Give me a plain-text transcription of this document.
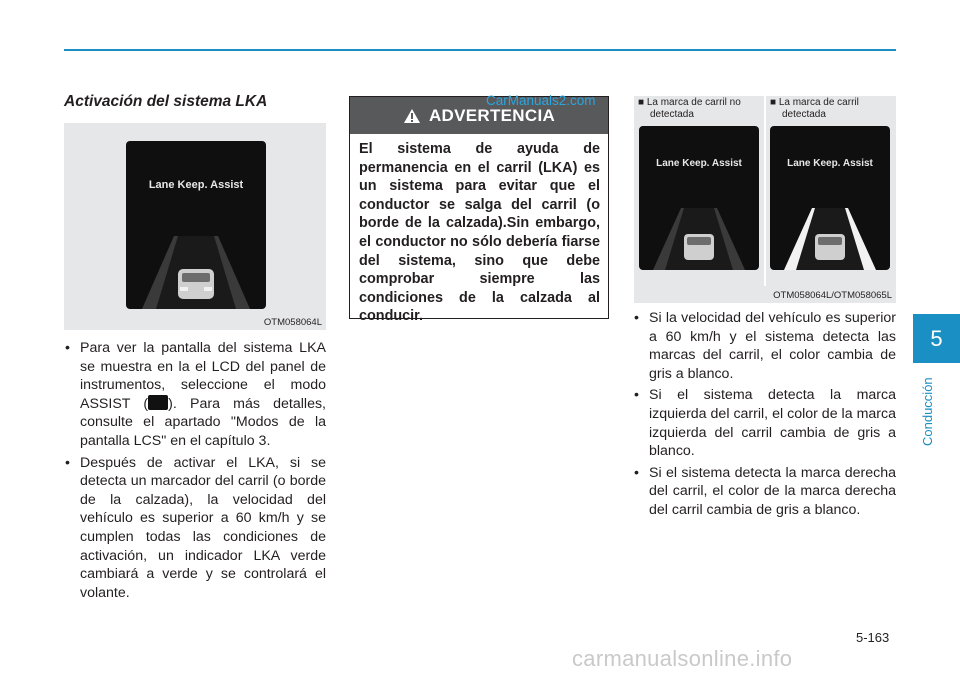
Activación del sistema LKA
Lane Keep. Assist
OTM058064L
• Para ver la pantalla del sistema LKA se muestra en la el LCD del panel de instrumentos, seleccione el modo ASSIST ( ). Para más detalles, consulte el apartado "Modos de la pantalla LCS" en el capítulo 3.
• Después de activar el LKA, si se detecta un marcador del carril (o borde de la calzada), la velocidad del vehículo es superior a 60 km/h y se cumplen todas las condiciones de activación, un indicador LKA verde cambiará a verde y se controlará el volante.
ADVERTENCIA
El sistema de ayuda de permanencia en el carril (LKA) es un sistema para evitar que el conductor se salga del carril (o borde de la calzada).Sin embargo, el conductor no sólo debería fiarse del sistema, sino que debe comprobar siempre las condiciones de la calzada al conducir.
CarManuals2.com	■ La marca de carril no
detectada
■ La marca de carril
detectada
Lane Keep. Assist	Lane Keep. Assist
OTM058064L/OTM058065L
• Si la velocidad del vehículo es superior a 60 km/h y el sistema detecta las marcas del carril, el color cambia de gris a blanco.
• Si el sistema detecta la marca izquierda del carril, el color de la marca izquierda del carril cambia de gris a blanco.
• Si el sistema detecta la marca derecha del carril, el color de la marca derecha del carril cambia de gris a blanco.
5
Conducción
5-163
carmanualsonline.info
